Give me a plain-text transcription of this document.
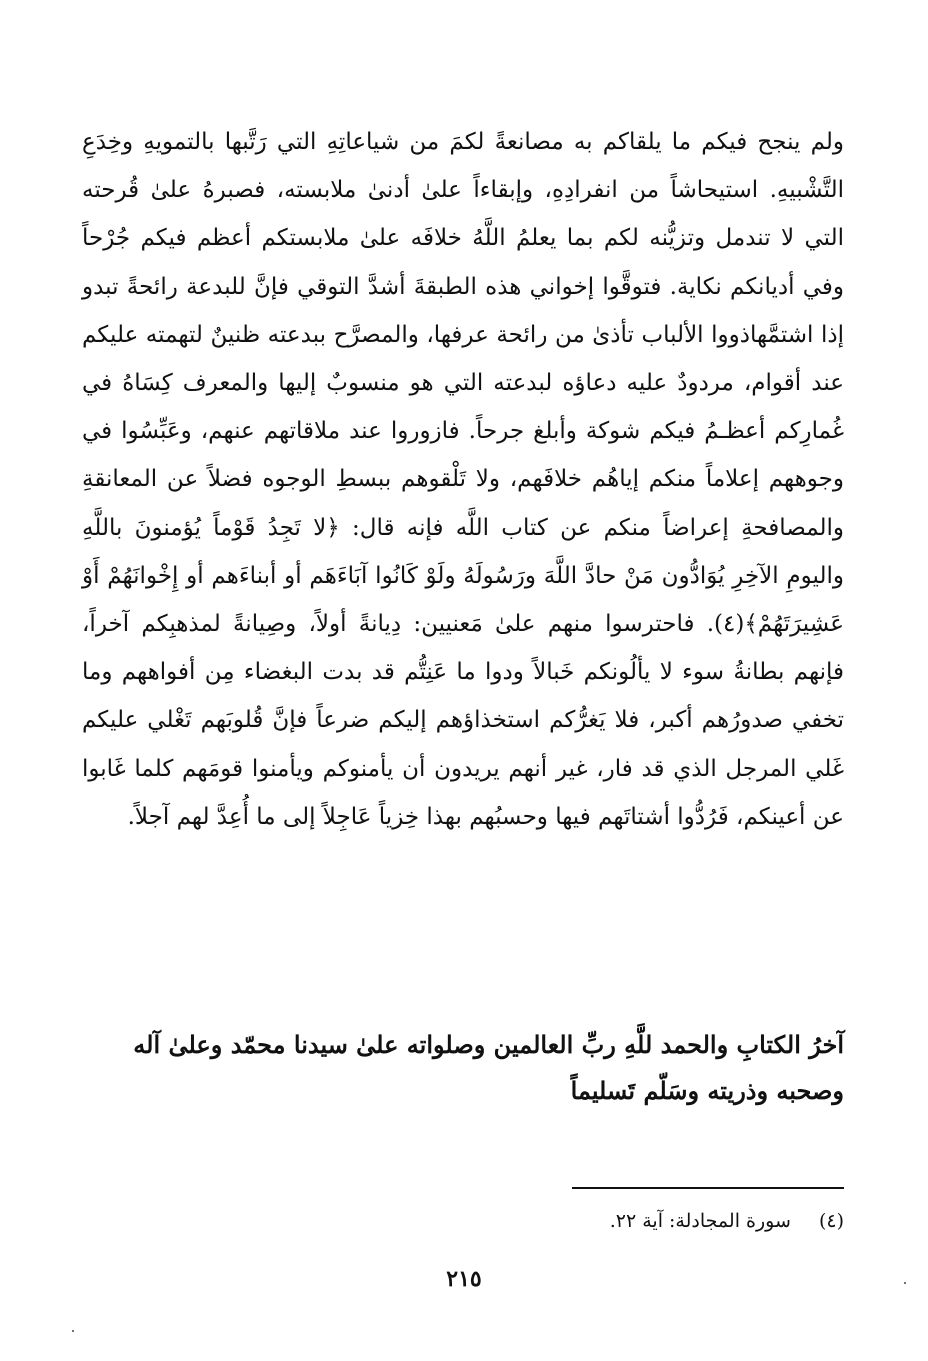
ولم ينجح فيكم ما يلقاكم به مصانعةً لكمَ من شياعاتِهِ التي رَتَّبها بالتمويهِ وخِدَعِ التَّشْبيهِ. استيحاشاً من انفرادِهِ، وإبقاءاً علىٰ أدنىٰ ملابسته، فصبرهُ علىٰ قُرحته التي لا تندمل وتزيُّنه لكم بما يعلمُ اللَّهُ خلافَه علىٰ ملابستكم أعظم فيكم جُرْحاً وفي أديانكم نكاية. فتوقَّوا إخواني هذه الطبقةَ أشدَّ التوقي فإنَّ للبدعة رائحةً تبدو إذا اشتمَّهاذووا الألباب تأذىٰ من رائحة عرفها، والمصرَّح ببدعته ظنينٌ لتهمته عليكم عند أقوام، مردودٌ عليه دعاؤه لبدعته التي هو منسوبٌ إليها والمعرف كِسَاهُ في غُمارِكم أعظـمُ فيكم شوكة وأبلغ جرحاً. فازوروا عند ملاقاتهم عنهم، وعَبِّسُوا في وجوههم إعلاماً منكم إياهُم خلافَهم، ولا تَلْقوهم ببسطِ الوجوه فضلاً عن المعانقةِ والمصافحةِ إعراضاً منكم عن كتاب اللَّه فإنه قال: ﴿لا تَجِدُ قَوْماً يُؤمنونَ باللَّهِ واليومِ الآخِرِ يُوَادُّون مَنْ حادَّ اللَّهَ ورَسُولَهُ ولَوْ كَانُوا آبَاءَهَم أو أبناءَهم أو إِخْوانَهُمْ أَوْ عَشِيرَتَهُمْ﴾(٤). فاحترسوا منهم علىٰ مَعنيين: دِيانةً أولاً، وصِيانةً لمذهبِكم آخراً، فإنهم بطانةُ سوء لا يألُونكم خَبالاً ودوا ما عَنِتُّم قد بدت البغضاء مِن أفواههم وما تخفي صدورُهم أكبر، فلا يَغرُّكم استخذاؤهم إليكم ضرعاً فإنَّ قُلوبَهم تَغْلي عليكم غَلي المرجل الذي قد فار، غير أنهم يريدون أن يأمنوكم ويأمنوا قومَهم كلما غَابوا عن أعينكم، فَرُدُّوا أشتاتَهم فيها وحسبُهم بهذا خِزياً عَاجِلاً إلى ما أُعِدَّ لهم آجلاً.

آخرُ الكتابِ والحمد للَّهِ ربِّ العالمين وصلواته علىٰ سيدنا محمّد وعلىٰ آله وصحبه وذريته وسَلّم تَسليماً

(٤) سورة المجادلة: آية ٢٢.

٢١٥
